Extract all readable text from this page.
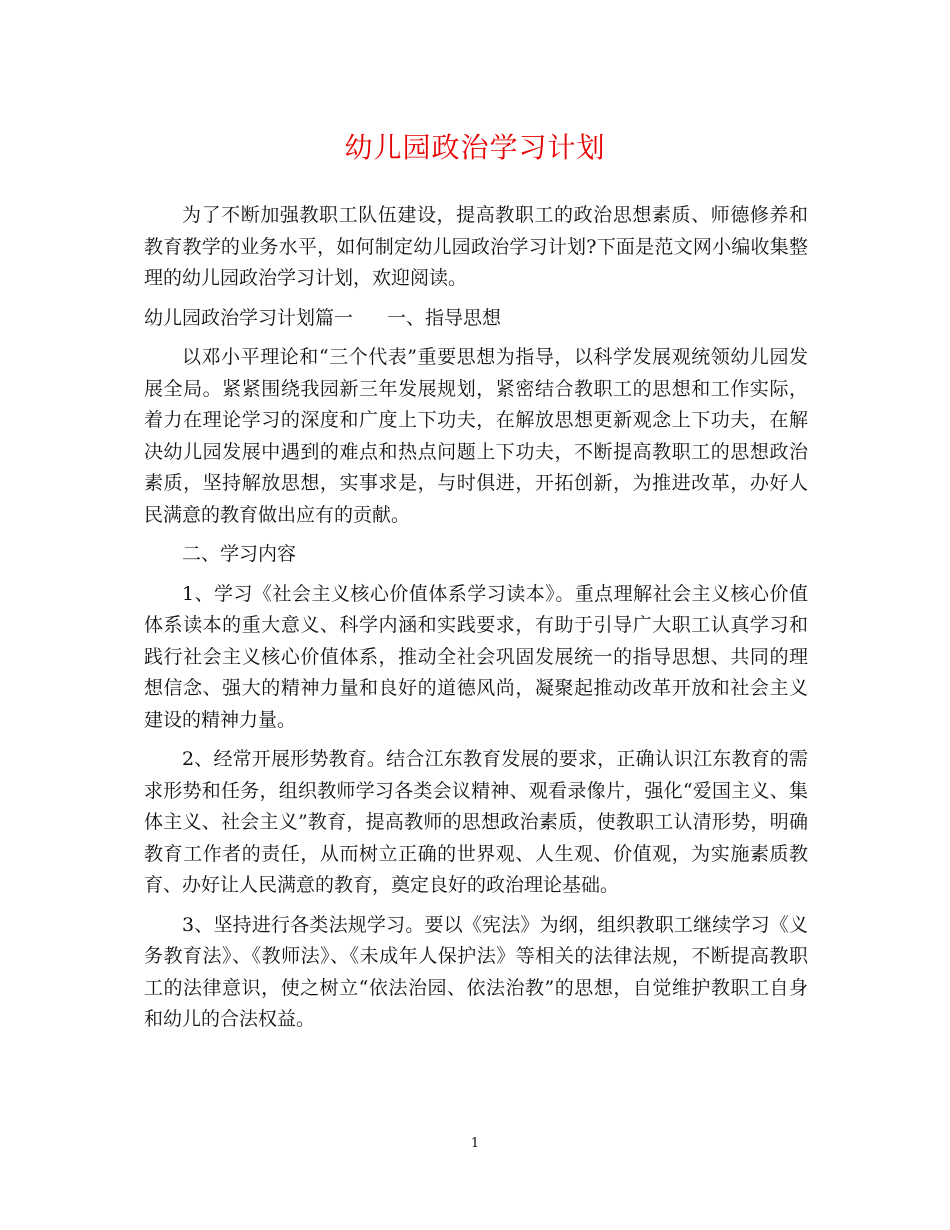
幼儿园政治学习计划

为了不断加强教职工队伍建设，提高教职工的政治思想素质、师德修养和教育教学的业务水平，如何制定幼儿园政治学习计划?下面是范文网小编收集整理的幼儿园政治学习计划，欢迎阅读。

幼儿园政治学习计划篇一 一、指导思想

以邓小平理论和“三个代表”重要思想为指导，以科学发展观统领幼儿园发展全局。紧紧围绕我园新三年发展规划，紧密结合教职工的思想和工作实际，着力在理论学习的深度和广度上下功夫，在解放思想更新观念上下功夫，在解决幼儿园发展中遇到的难点和热点问题上下功夫，不断提高教职工的思想政治素质，坚持解放思想，实事求是，与时俱进，开拓创新，为推进改革，办好人民满意的教育做出应有的贡献。

二、学习内容

1、学习《社会主义核心价值体系学习读本》。重点理解社会主义核心价值体系读本的重大意义、科学内涵和实践要求，有助于引导广大职工认真学习和践行社会主义核心价值体系，推动全社会巩固发展统一的指导思想、共同的理想信念、强大的精神力量和良好的道德风尚，凝聚起推动改革开放和社会主义建设的精神力量。

2、经常开展形势教育。结合江东教育发展的要求，正确认识江东教育的需求形势和任务，组织教师学习各类会议精神、观看录像片，强化“爱国主义、集体主义、社会主义”教育，提高教师的思想政治素质，使教职工认清形势，明确教育工作者的责任，从而树立正确的世界观、人生观、价值观，为实施素质教育、办好让人民满意的教育，奠定良好的政治理论基础。

3、坚持进行各类法规学习。要以《宪法》为纲，组织教职工继续学习《义务教育法》、《教师法》、《未成年人保护法》等相关的法律法规，不断提高教职工的法律意识，使之树立“依法治园、依法治教”的思想，自觉维护教职工自身和幼儿的合法权益。

1
